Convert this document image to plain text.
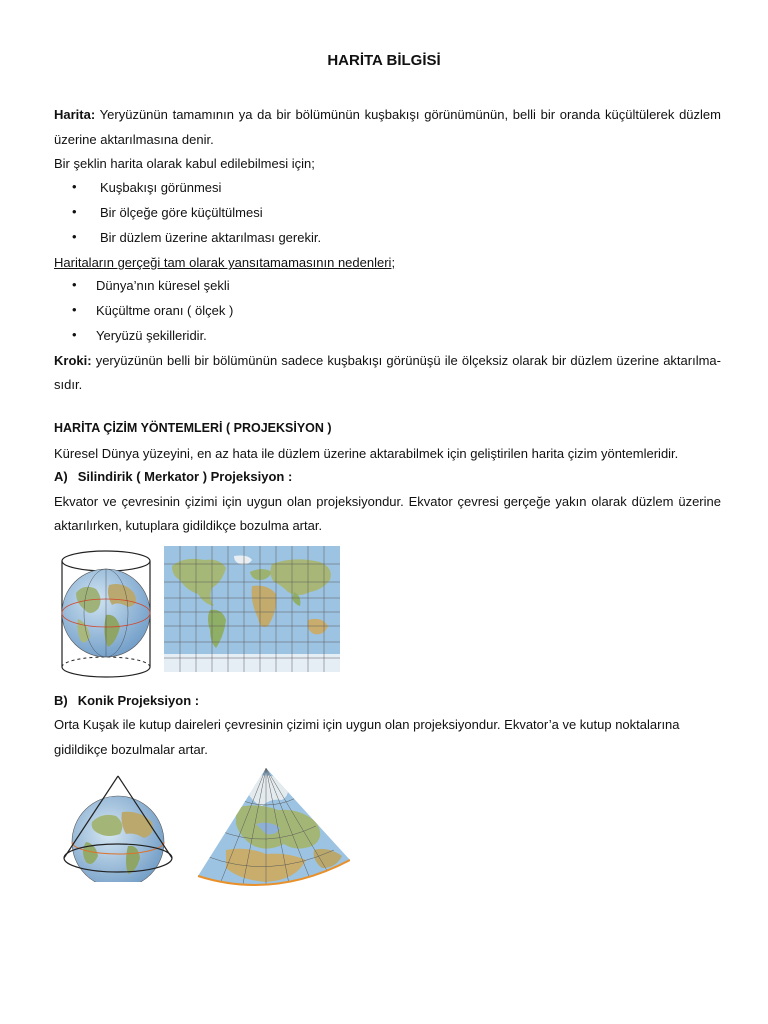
HARİTA BİLGİSİ
Harita: Yeryüzünün tamamının ya da bir bölümünün kuşbakışı görünümünün, belli bir oranda küçültülerek düzlem
üzerine aktarılmasına denir.
Bir şeklin harita olarak kabul edilebilmesi için;
• Kuşbakışı görünmesi
• Bir ölçeğe göre küçültülmesi
• Bir düzlem üzerine aktarılması gerekir.
Haritaların gerçeği tam olarak yansıtamamasının nedenleri;
• Dünya’nın küresel şekli
• Küçültme oranı ( ölçek )
• Yeryüzü şekilleridir.
Kroki: yeryüzünün belli bir bölümünün sadece kuşbakışı görünüşü ile ölçeksiz olarak bir düzlem üzerine aktarılma-
sıdır.
HARİTA ÇİZİM YÖNTEMLERİ ( PROJEKSİYON )
Küresel Dünya yüzeyini, en az hata ile düzlem üzerine aktarabilmek için geliştirilen harita çizim yöntemleridir.
A) Silindirik ( Merkator ) Projeksiyon :
Ekvator ve çevresinin çizimi için uygun olan projeksiyondur. Ekvator çevresi gerçeğe yakın olarak düzlem üzerine
aktarılırken, kutuplara gidildikçe bozulma artar.
B) Konik Projeksiyon :
Orta Kuşak ile kutup daireleri çevresinin çizimi için uygun olan projeksiyondur. Ekvator’a ve kutup noktalarına
gidildikçe bozulmalar artar.
